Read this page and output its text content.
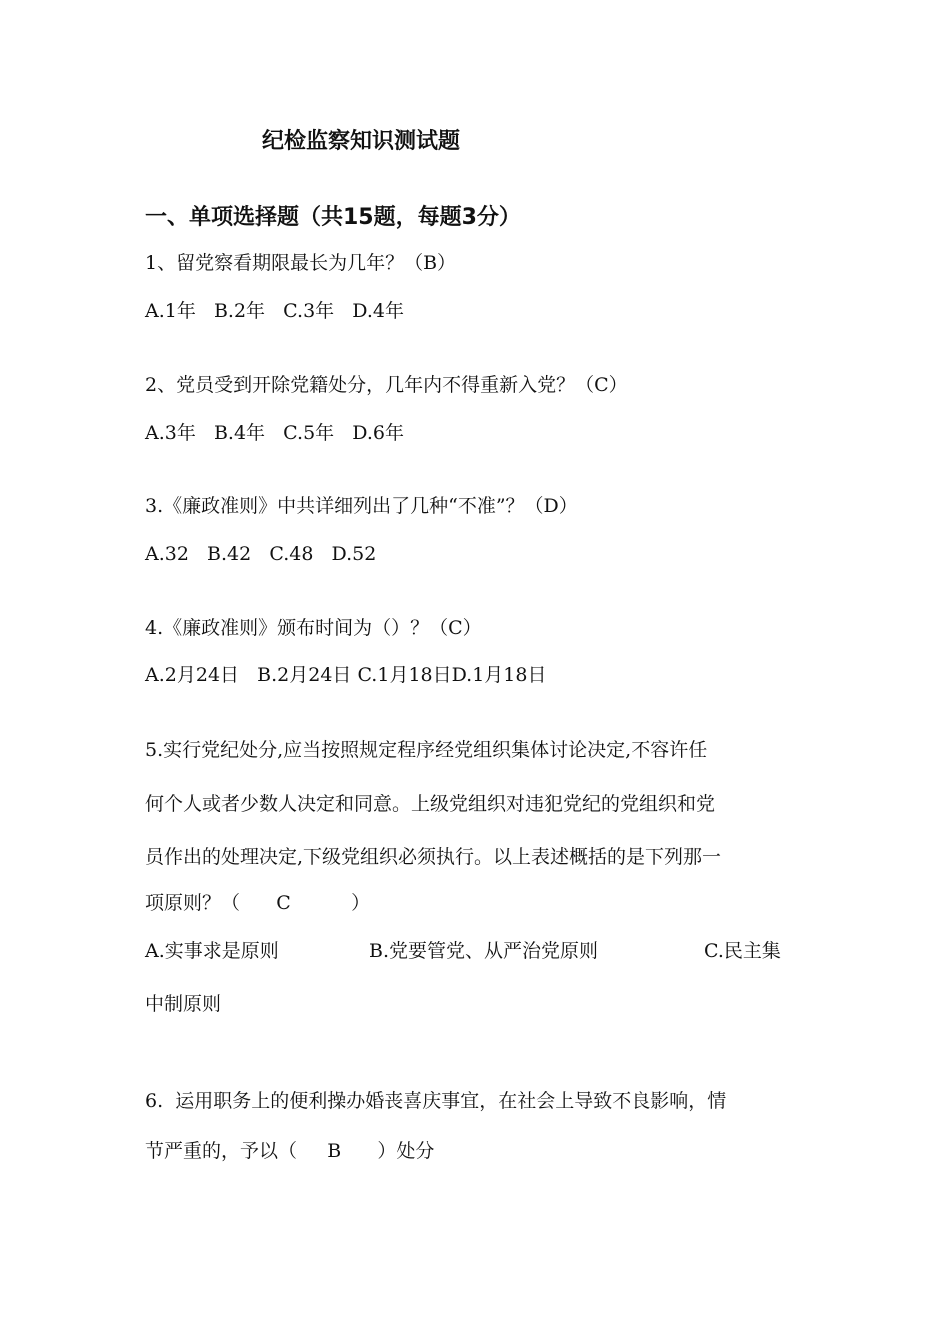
纪检监察知识测试题
一、单项选择题（共15题，每题3分）
1、留党察看期限最长为几年？（B）
A.1年   B.2年   C.3年   D.4年
2、党员受到开除党籍处分，几年内不得重新入党？（C）
A.3年   B.4年   C.5年   D.6年
3.《廉政准则》中共详细列出了几种“不准”？（D）
A.32   B.42   C.48   D.52
4.《廉政准则》颁布时间为（）？（C）
A.2月24日   B.2月24日 C.1月18日D.1月18日
5.实行党纪处分,应当按照规定程序经党组织集体讨论决定,不容许任
何个人或者少数人决定和同意。上级党组织对违犯党纪的党组织和党
员作出的处理决定,下级党组织必须执行。以上表述概括的是下列那一
项原则？（      C          ）
A.实事求是原则	B.党要管党、从严治党原则	C.民主集
中制原则
6.  运用职务上的便利操办婚丧喜庆事宜，在社会上导致不良影响，情
节严重的，予以（     B      ）处分
